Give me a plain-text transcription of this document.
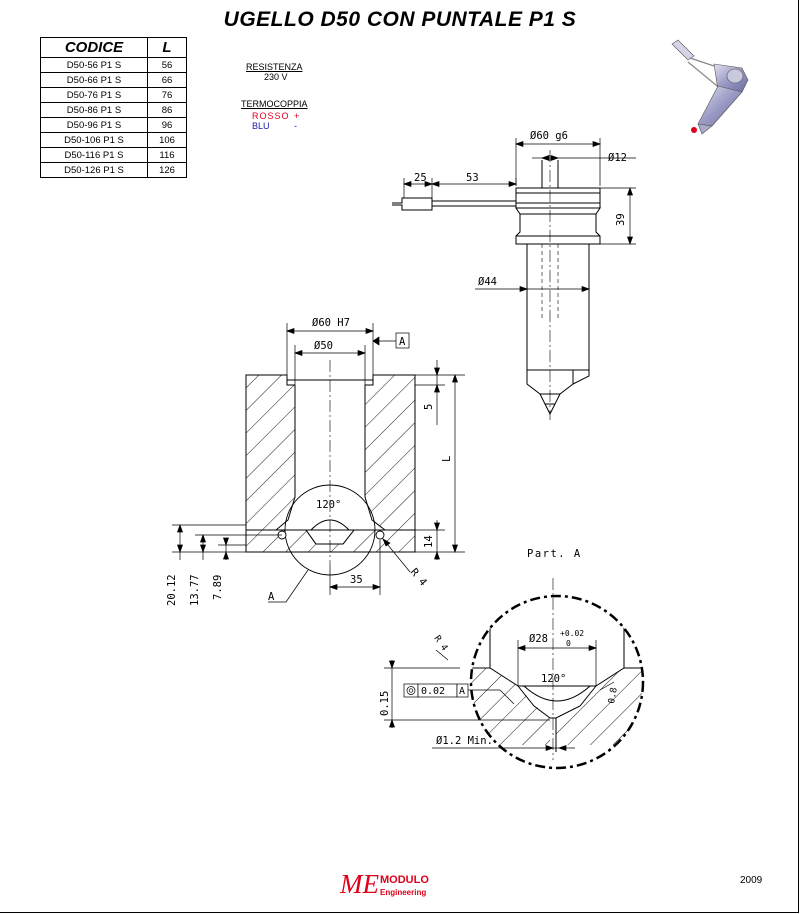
UGELLO D50 CON PUNTALE P1 S
CODICE	L
D50-56 P1 S	56
D50-66 P1 S	66
D50-76 P1 S	76
D50-86 P1 S	86
D50-96 P1 S	96
D50-106 P1 S	106
D50-116 P1 S	116
D50-126 P1 S	126
RESISTENZA
230 V
TERMOCOPPIA
ROSSO +
BLU	-
Ø60 g6
Ø12
25	53
39
Ø44
Ø60 H7
Ø50	A
5
L
120°
14
20.12 13.77 7.89	35	R 4
A
Part. A
Ø28 +0.02
0
120°
R 4
0.8
0.15	0.02 A
Ø1.2 Min.
ME MODULO
Engineering
2009
